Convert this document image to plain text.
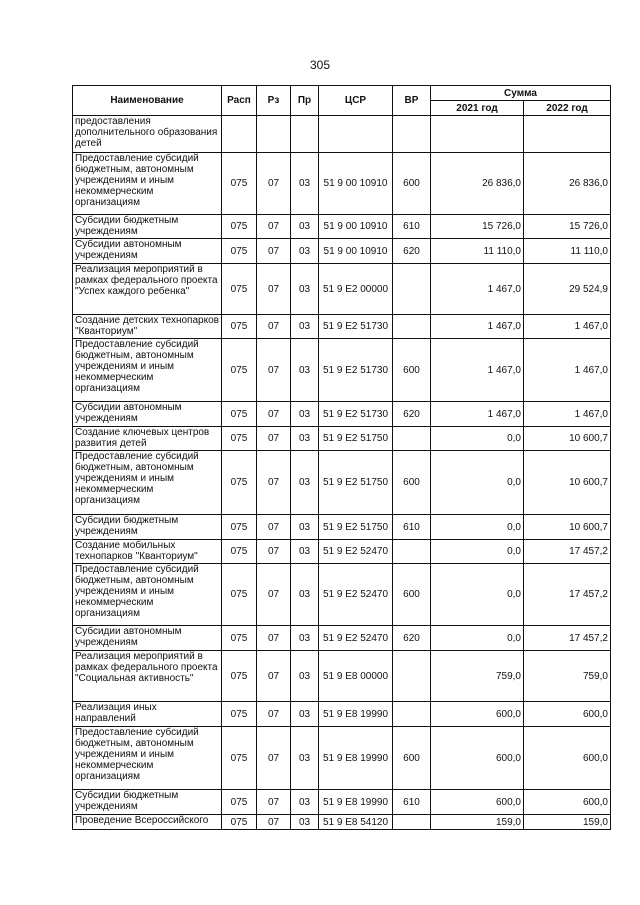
305
Наименование	Расп	Рз	Пр	ЦСР	ВР	Сумма	
						2021 год	2022 год
предоставления дополнительного образования детей							
Предоставление субсидий бюджетным, автономным учреждениям и иным некоммерческим организациям	075	07	03	51 9 00 10910	600	26 836,0	26 836,0
Субсидии бюджетным учреждениям	075	07	03	51 9 00 10910	610	15 726,0	15 726,0
Субсидии автономным учреждениям	075	07	03	51 9 00 10910	620	11 110,0	11 110,0
Реализация мероприятий в рамках федерального проекта "Успех каждого ребенка"	075	07	03	51 9 E2 00000		1 467,0	29 524,9
Создание детских технопарков "Кванториум"	075	07	03	51 9 E2 51730		1 467,0	1 467,0
Предоставление субсидий бюджетным, автономным учреждениям и иным некоммерческим организациям	075	07	03	51 9 E2 51730	600	1 467,0	1 467,0
Субсидии автономным учреждениям	075	07	03	51 9 E2 51730	620	1 467,0	1 467,0
Создание ключевых центров развития детей	075	07	03	51 9 E2 51750		0,0	10 600,7
Предоставление субсидий бюджетным, автономным учреждениям и иным некоммерческим организациям	075	07	03	51 9 E2 51750	600	0,0	10 600,7
Субсидии бюджетным учреждениям	075	07	03	51 9 E2 51750	610	0,0	10 600,7
Создание мобильных технопарков "Кванториум"	075	07	03	51 9 E2 52470		0,0	17 457,2
Предоставление субсидий бюджетным, автономным учреждениям и иным некоммерческим организациям	075	07	03	51 9 E2 52470	600	0,0	17 457,2
Субсидии автономным учреждениям	075	07	03	51 9 E2 52470	620	0,0	17 457,2
Реализация мероприятий в рамках федерального проекта "Социальная активность"	075	07	03	51 9 E8 00000		759,0	759,0
Реализация иных направлений	075	07	03	51 9 E8 19990		600,0	600,0
Предоставление субсидий бюджетным, автономным учреждениям и иным некоммерческим организациям	075	07	03	51 9 E8 19990	600	600,0	600,0
Субсидии бюджетным учреждениям	075	07	03	51 9 E8 19990	610	600,0	600,0
Проведение Всероссийского	075	07	03	51 9 E8 54120		159,0	159,0
